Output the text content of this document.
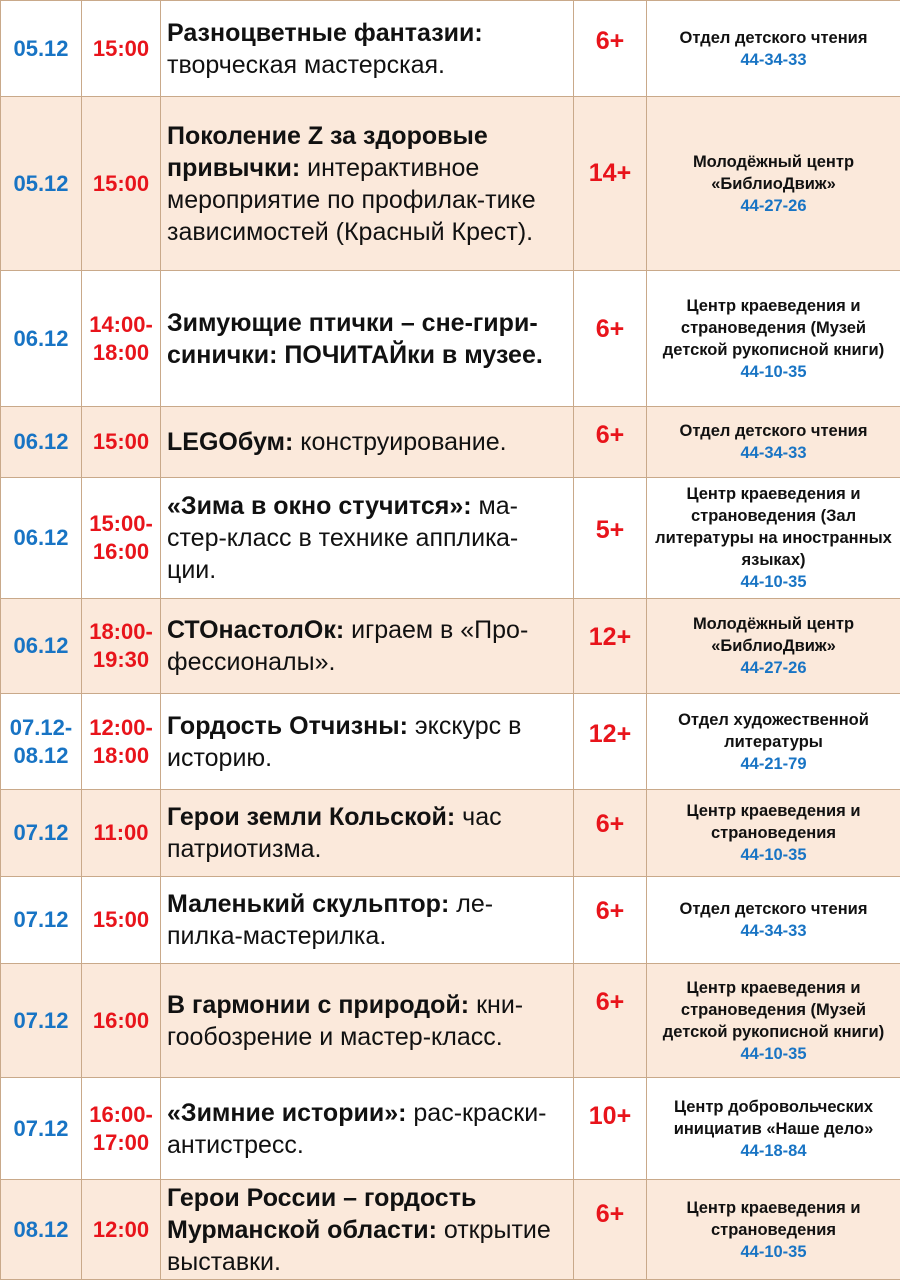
05.12	15:00	Разноцветные фантазии: творческая мастерская.	6+	Отдел детского чтения
44-34-33

05.12	15:00	Поколение Z за здоровые привычки: интерактивное мероприятие по профилак-тике зависимостей (Красный Крест).	14+	Молодёжный центр «БиблиоДвиж»
44-27-26

06.12	14:00-18:00	Зимующие птички – сне-гири-синички: ПОЧИТАЙки в музее.	6+	Центр краеведения и страноведения (Музей детской рукописной книги)
44-10-35

06.12	15:00	LEGOбум: конструирование.	6+	Отдел детского чтения
44-34-33

06.12	15:00-16:00	«Зима в окно стучится»: ма-стер-класс в технике аппликa-ции.	5+	Центр краеведения и страноведения (Зал литературы на иностранных языках)
44-10-35

06.12	18:00-19:30	СТОнастолОк: играем в «Про-фессионалы».	12+	Молодёжный центр «БиблиоДвиж»
44-27-26

07.12-08.12	12:00-18:00	Гордость Отчизны: экскурс в историю.	12+	Отдел художественной литературы
44-21-79

07.12	11:00	Герои земли Кольской: час патриотизма.	6+	Центр краеведения и страноведения
44-10-35

07.12	15:00	Маленький скульптор: ле-пилка-мастерилка.	6+	Отдел детского чтения
44-34-33

07.12	16:00	В гармонии с природой: кни-гообозрение и мастер-класс.	6+	Центр краеведения и страноведения (Музей детской рукописной книги)
44-10-35

07.12	16:00-17:00	«Зимние истории»: рас-краски-антистресс.	10+	Центр добровольческих инициатив «Наше дело»
44-18-84

08.12	12:00	Герои России – гордость Мурманской области: открытие выставки.	6+	Центр краеведения и страноведения
44-10-35
